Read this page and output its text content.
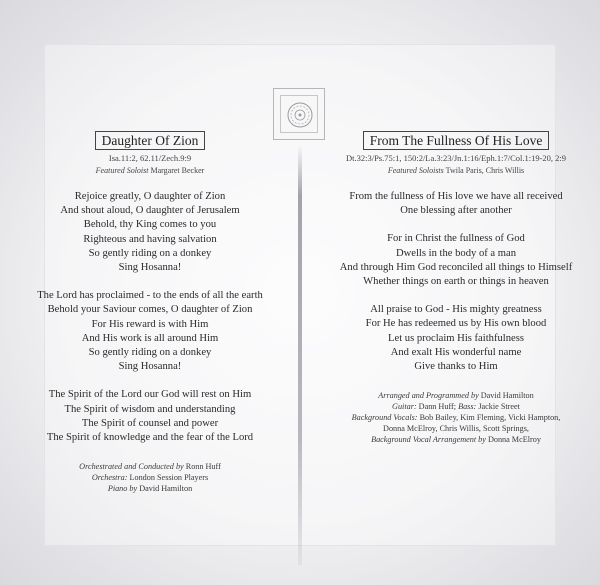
Daughter Of Zion
Isa.11:2, 62.11/Zech.9:9
Featured Soloist Margaret Becker
Rejoice greatly, O daughter of Zion
And shout aloud, O daughter of Jerusalem
Behold, thy King comes to you
Righteous and having salvation
So gently riding on a donkey
Sing Hosanna!
The Lord has proclaimed - to the ends of all the earth
Behold your Saviour comes, O daughter of Zion
For His reward is with Him
And His work is all around Him
So gently riding on a donkey
Sing Hosanna!
The Spirit of the Lord our God will rest on Him
The Spirit of wisdom and understanding
The Spirit of counsel and power
The Spirit of knowledge and the fear of the Lord
Orchestrated and Conducted by Ronn Huff
Orchestra: London Session Players
Piano by David Hamilton
From The Fullness Of His Love
Dt.32:3/Ps.75:1, 150:2/La.3:23/Jn.1:16/Eph.1:7/Col.1:19-20, 2:9
Featured Soloists Twila Paris, Chris Willis
From the fullness of His love we have all received
One blessing after another
For in Christ the fullness of God
Dwells in the body of a man
And through Him God reconciled all things to Himself
Whether things on earth or things in heaven
All praise to God - His mighty greatness
For He has redeemed us by His own blood
Let us proclaim His faithfulness
And exalt His wonderful name
Give thanks to Him
Arranged and Programmed by David Hamilton
Guitar: Dann Huff; Bass: Jackie Street
Background Vocals: Bob Bailey, Kim Fleming, Vicki Hampton,
Donna McElroy, Chris Willis, Scott Springs,
Background Vocal Arrangement by Donna McElroy
